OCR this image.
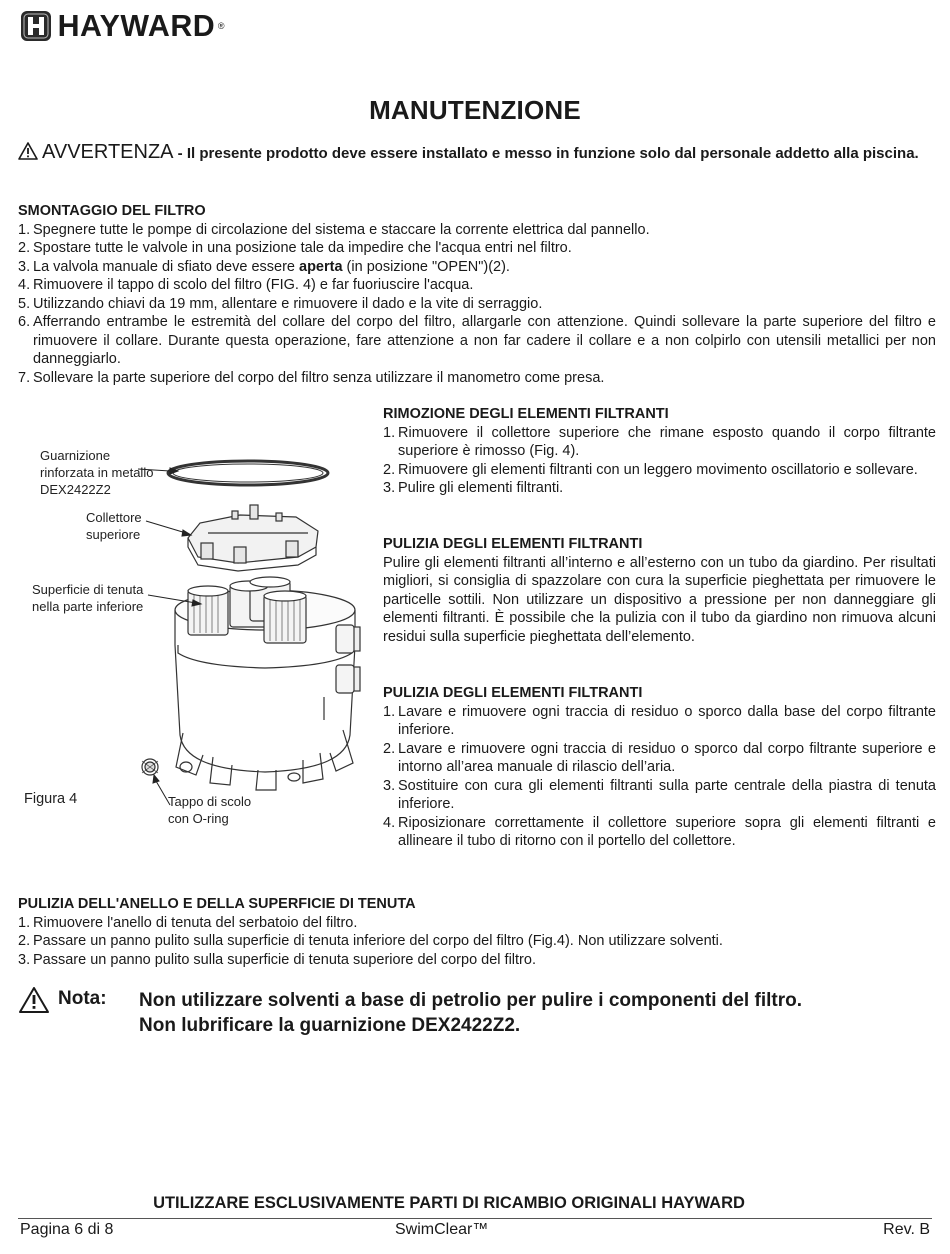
HAYWARD ®
MANUTENZIONE
AVVERTENZA - Il presente prodotto deve essere installato e messo in funzione solo dal personale addetto alla piscina.
SMONTAGGIO DEL FILTRO
1. Spegnere tutte le pompe di circolazione del sistema e staccare la corrente elettrica dal pannello.
2. Spostare tutte le valvole in una posizione tale da impedire che l'acqua entri nel filtro.
3. La valvola manuale di sfiato deve essere aperta (in posizione "OPEN")(2).
4. Rimuovere il tappo di scolo del filtro (FIG. 4) e far fuoriuscire l'acqua.
5. Utilizzando chiavi da 19 mm, allentare e rimuovere il dado e la vite di serraggio.
6. Afferrando entrambe le estremità del collare del corpo del filtro, allargarle con attenzione. Quindi sollevare la parte superiore del filtro e rimuovere il collare. Durante questa operazione, fare attenzione a non far cadere il collare e a non colpirlo con utensili metallici per non danneggiarlo.
7. Sollevare la parte superiore del corpo del filtro senza utilizzare il manometro come presa.
Guarnizione
rinforzata in metallo
DEX2422Z2
Collettore
superiore
Superficie di tenuta
nella parte inferiore
Tappo di scolo
con O-ring
Figura 4
RIMOZIONE DEGLI ELEMENTI FILTRANTI
1. Rimuovere il collettore superiore che rimane esposto quando il corpo filtrante superiore è rimosso (Fig. 4).
2. Rimuovere gli elementi filtranti con un leggero movimento oscillatorio e sollevare.
3. Pulire gli elementi filtranti.
PULIZIA DEGLI ELEMENTI FILTRANTI
Pulire gli elementi filtranti all’interno e all’esterno con un tubo da giardino. Per risultati migliori, si consiglia di spazzolare con cura la superficie pieghettata per rimuovere le particelle sottili. Non utilizzare un dispositivo a pressione per non danneggiare gli elementi filtranti. È possibile che la pulizia con il tubo da giardino non rimuova alcuni residui sulla superficie pieghettata dell’elemento.
PULIZIA DEGLI ELEMENTI FILTRANTI
1. Lavare e rimuovere ogni traccia di residuo o sporco dalla base del corpo filtrante inferiore.
2. Lavare e rimuovere ogni traccia di residuo o sporco dal corpo filtrante superiore e intorno all’area manuale di rilascio dell’aria.
3. Sostituire con cura gli elementi filtranti sulla parte centrale della piastra di tenuta inferiore.
4. Riposizionare correttamente il collettore superiore sopra gli elementi filtranti e allineare il tubo di ritorno con il portello del collettore.
PULIZIA DELL'ANELLO E DELLA SUPERFICIE DI TENUTA
1. Rimuovere l'anello di tenuta del serbatoio del filtro.
2. Passare un panno pulito sulla superficie di tenuta inferiore del corpo del filtro (Fig.4). Non utilizzare solventi.
3. Passare un panno pulito sulla superficie di tenuta superiore del corpo del filtro.
Nota: Non utilizzare solventi a base di petrolio per pulire i componenti del filtro.
Non lubrificare la guarnizione DEX2422Z2.
UTILIZZARE ESCLUSIVAMENTE PARTI DI RICAMBIO ORIGINALI HAYWARD
Pagina 6 di 8	SwimClear™	Rev. B
